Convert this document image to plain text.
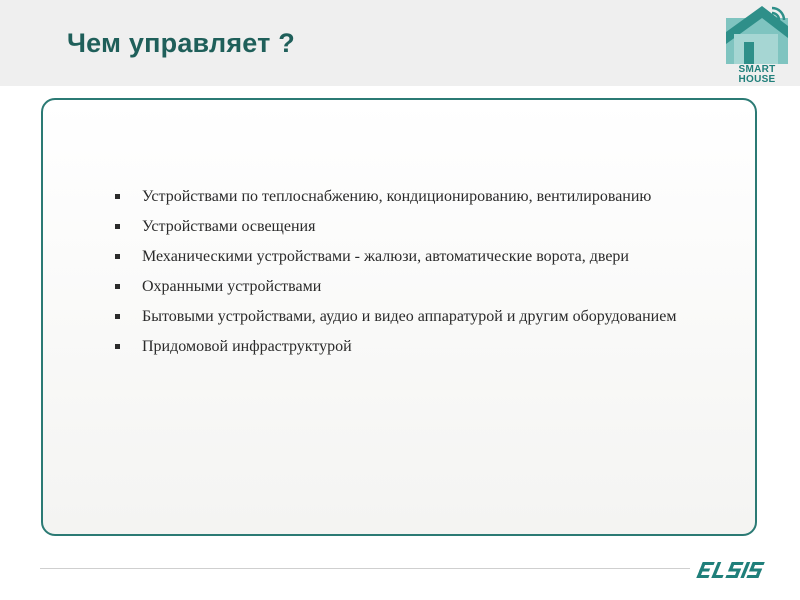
Чем управляет ?
SMART
HOUSE
Устройствами по теплоснабжению, кондиционированию, вентилированию
Устройствами освещения
Механическими устройствами - жалюзи, автоматические ворота, двери
Охранными устройствами
Бытовыми устройствами, аудио и видео аппаратурой и другим оборудованием
Придомовой инфраструктурой
